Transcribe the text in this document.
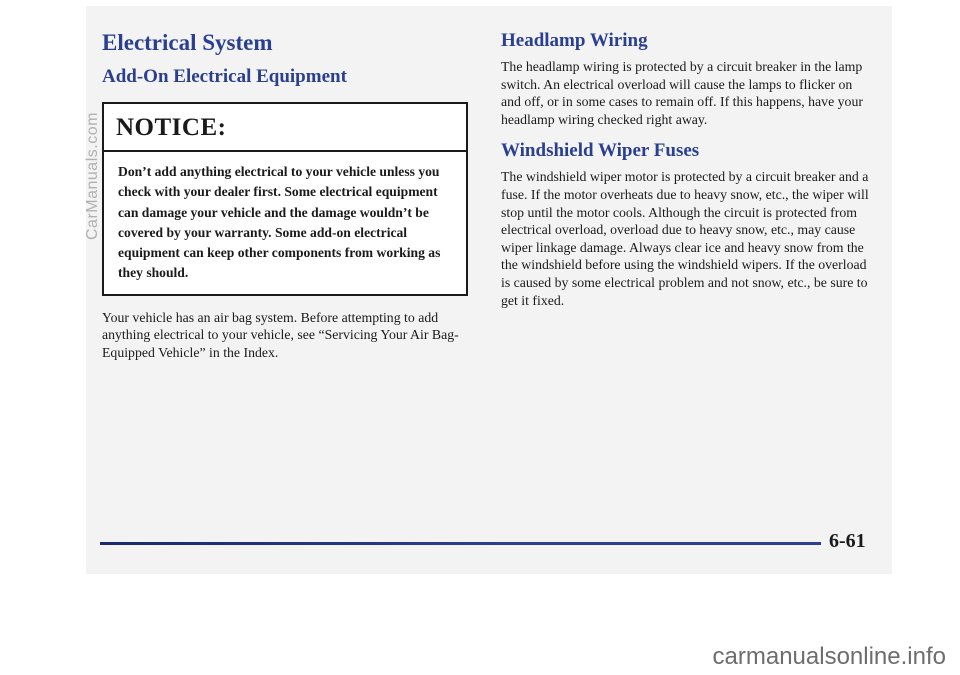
Electrical System
Add-On Electrical Equipment
NOTICE:
Don’t add anything electrical to your vehicle unless you check with your dealer first. Some electrical equipment can damage your vehicle and the damage wouldn’t be covered by your warranty. Some add-on electrical equipment can keep other components from working as they should.

Your vehicle has an air bag system. Before attempting to add anything electrical to your vehicle, see “Servicing Your Air Bag-Equipped Vehicle” in the Index.

Headlamp Wiring

The headlamp wiring is protected by a circuit breaker in the lamp switch. An electrical overload will cause the lamps to flicker on and off, or in some cases to remain off. If this happens, have your headlamp wiring checked right away.

Windshield Wiper Fuses

The windshield wiper motor is protected by a circuit breaker and a fuse. If the motor overheats due to heavy snow, etc., the wiper will stop until the motor cools. Although the circuit is protected from electrical overload, overload due to heavy snow, etc., may cause wiper linkage damage. Always clear ice and heavy snow from the the windshield before using the windshield wipers. If the overload is caused by some electrical problem and not snow, etc., be sure to get it fixed.

6-61
CarManuals.com
carmanualsonline.info
